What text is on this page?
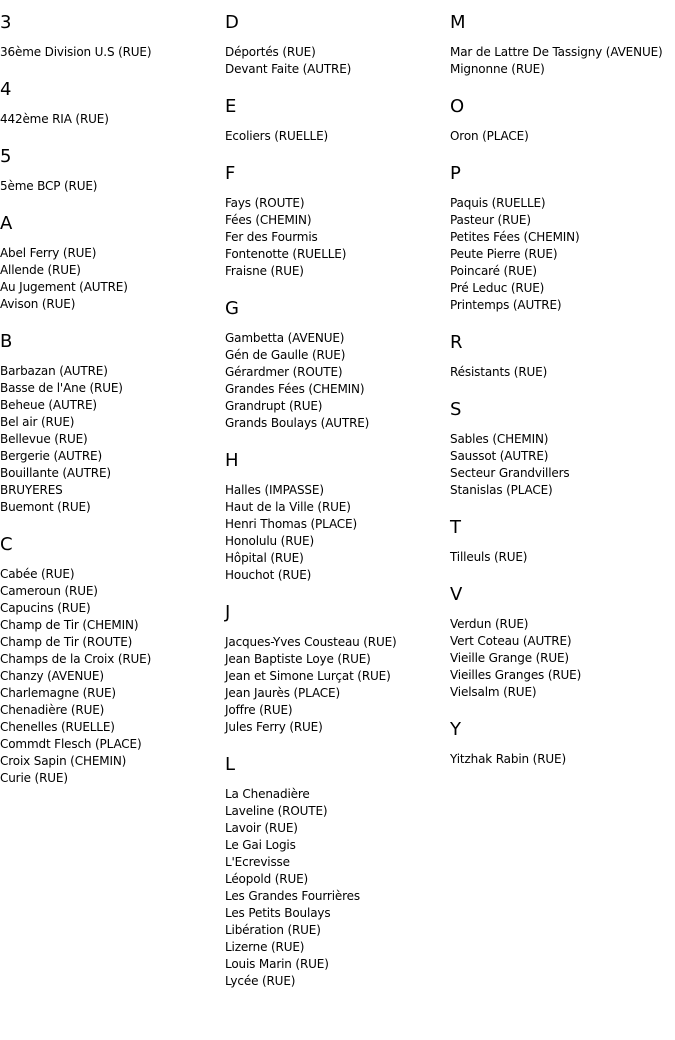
3
36ème Division U.S (RUE)
4
442ème RIA (RUE)
5
5ème BCP (RUE)
A
Abel Ferry (RUE)
Allende (RUE)
Au Jugement (AUTRE)
Avison (RUE)
B
Barbazan (AUTRE)
Basse de l'Ane (RUE)
Beheue (AUTRE)
Bel air (RUE)
Bellevue (RUE)
Bergerie (AUTRE)
Bouillante (AUTRE)
BRUYERES
Buemont (RUE)
C
Cabée (RUE)
Cameroun (RUE)
Capucins (RUE)
Champ de Tir (CHEMIN)
Champ de Tir (ROUTE)
Champs de la Croix (RUE)
Chanzy (AVENUE)
Charlemagne (RUE)
Chenadière (RUE)
Chenelles (RUELLE)
Commdt Flesch (PLACE)
Croix Sapin (CHEMIN)
Curie (RUE)
D
Déportés (RUE)
Devant Faite (AUTRE)
E
Ecoliers (RUELLE)
F
Fays (ROUTE)
Fées (CHEMIN)
Fer des Fourmis
Fontenotte (RUELLE)
Fraisne (RUE)
G
Gambetta (AVENUE)
Gén de Gaulle (RUE)
Gérardmer (ROUTE)
Grandes Fées (CHEMIN)
Grandrupt (RUE)
Grands Boulays (AUTRE)
H
Halles (IMPASSE)
Haut de la Ville (RUE)
Henri Thomas (PLACE)
Honolulu (RUE)
Hôpital (RUE)
Houchot (RUE)
J
Jacques-Yves Cousteau (RUE)
Jean Baptiste Loye (RUE)
Jean et Simone Lurçat (RUE)
Jean Jaurès (PLACE)
Joffre (RUE)
Jules Ferry (RUE)
L
La Chenadière
Laveline (ROUTE)
Lavoir (RUE)
Le Gai Logis
L'Ecrevisse
Léopold (RUE)
Les Grandes Fourrières
Les Petits Boulays
Libération (RUE)
Lizerne (RUE)
Louis Marin (RUE)
Lycée (RUE)
M
Mar de Lattre De Tassigny (AVENUE)
Mignonne (RUE)
O
Oron (PLACE)
P
Paquis (RUELLE)
Pasteur (RUE)
Petites Fées (CHEMIN)
Peute Pierre (RUE)
Poincaré (RUE)
Pré Leduc (RUE)
Printemps (AUTRE)
R
Résistants (RUE)
S
Sables (CHEMIN)
Saussot (AUTRE)
Secteur Grandvillers
Stanislas (PLACE)
T
Tilleuls (RUE)
V
Verdun (RUE)
Vert Coteau (AUTRE)
Vieille Grange (RUE)
Vieilles Granges (RUE)
Vielsalm (RUE)
Y
Yitzhak Rabin (RUE)
